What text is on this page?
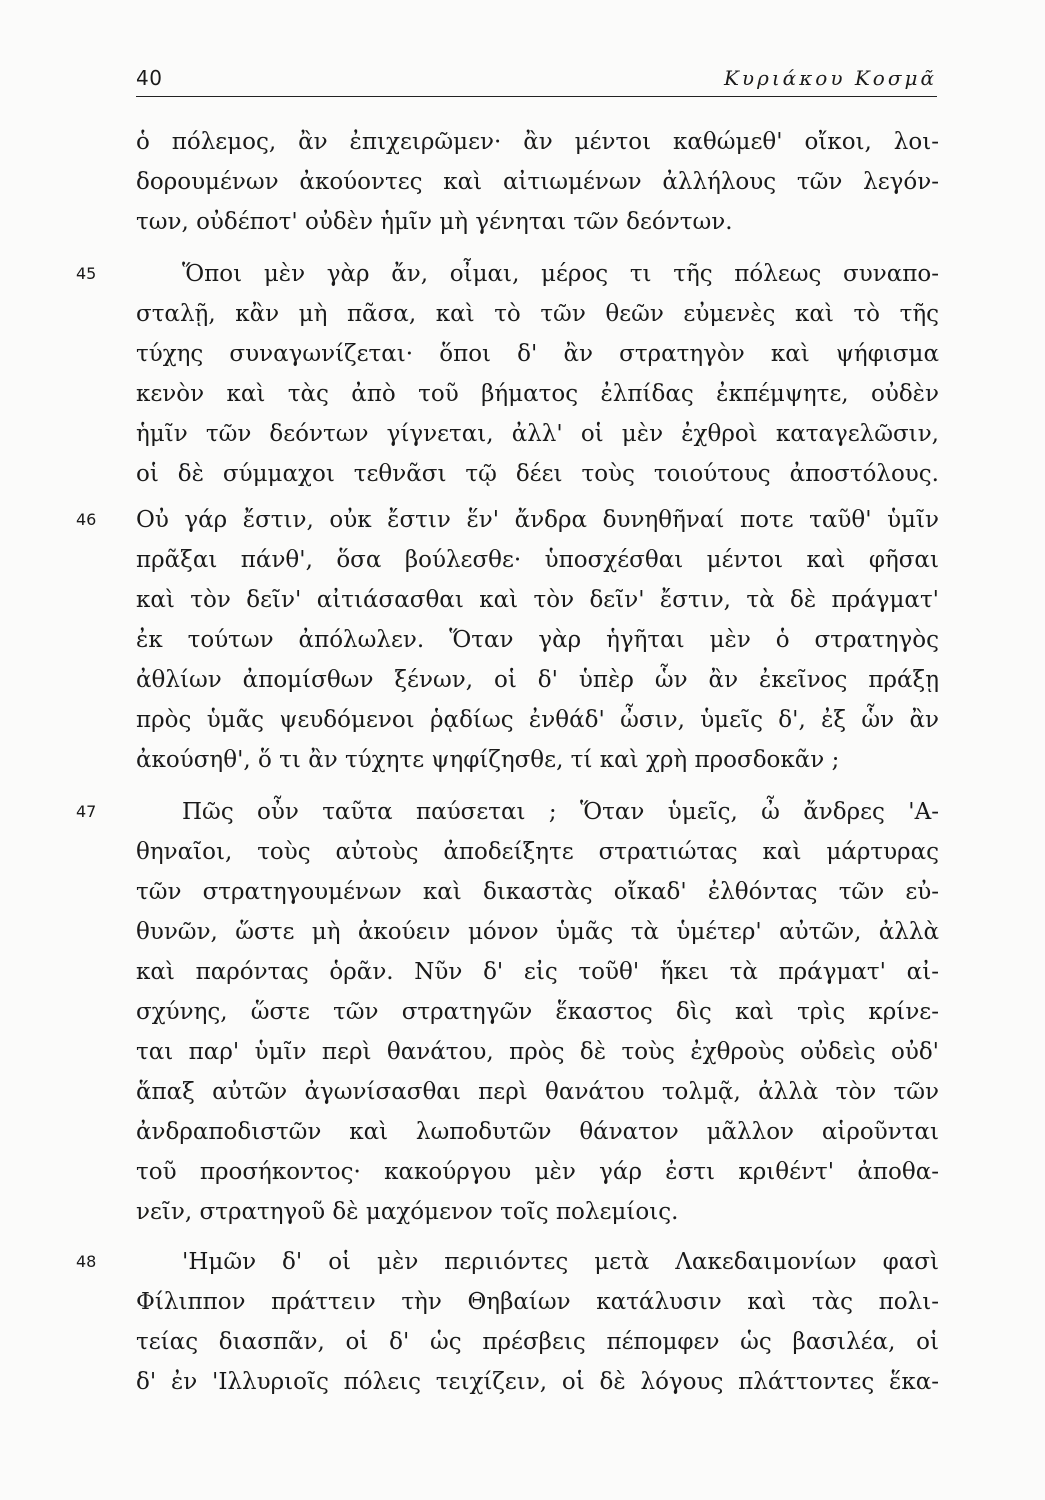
40	Κυριάκου Κοσμᾶ
ὁ πόλεμος, ἂν ἐπιχειρῶμεν· ἂν μέντοι καθώμεθ' οἴκοι, λοι-
δορουμένων ἀκούοντες καὶ αἰτιωμένων ἀλλήλους τῶν λεγόν-
των, οὐδέποτ' οὐδὲν ἡμῖν μὴ γένηται τῶν δεόντων.
45	Ὅποι μὲν γὰρ ἄν, οἶμαι, μέρος τι τῆς πόλεως συναπο-
σταλῇ, κἂν μὴ πᾶσα, καὶ τὸ τῶν θεῶν εὐμενὲς καὶ τὸ τῆς
τύχης συναγωνίζεται· ὅποι δ' ἂν στρατηγὸν καὶ ψήφισμα
κενὸν καὶ τὰς ἀπὸ τοῦ βήματος ἐλπίδας ἐκπέμψητε, οὐδὲν
ἡμῖν τῶν δεόντων γίγνεται, ἀλλ' οἱ μὲν ἐχθροὶ καταγελῶσιν,
οἱ δὲ σύμμαχοι τεθνᾶσι τῷ δέει τοὺς τοιούτους ἀποστόλους.
46 Οὐ γάρ ἔστιν, οὐκ ἔστιν ἕν' ἄνδρα δυνηθῆναί ποτε ταῦθ' ὑμῖν
πρᾶξαι πάνθ', ὅσα βούλεσθε· ὑποσχέσθαι μέντοι καὶ φῆσαι
καὶ τὸν δεῖν' αἰτιάσασθαι καὶ τὸν δεῖν' ἔστιν, τὰ δὲ πράγματ'
ἐκ τούτων ἀπόλωλεν. Ὅταν γὰρ ἡγῆται μὲν ὁ στρατηγὸς
ἀθλίων ἀπομίσθων ξένων, οἱ δ' ὑπὲρ ὧν ἂν ἐκεῖνος πράξῃ
πρὸς ὑμᾶς ψευδόμενοι ῥᾳδίως ἐνθάδ' ὦσιν, ὑμεῖς δ', ἐξ ὧν ἂν
ἀκούσηθ', ὅ τι ἂν τύχητε ψηφίζησθε, τί καὶ χρὴ προσδοκᾶν ;
47	Πῶς οὖν ταῦτα παύσεται ; Ὅταν ὑμεῖς, ὦ ἄνδρες 'Α-
θηναῖοι, τοὺς αὐτοὺς ἀποδείξητε στρατιώτας καὶ μάρτυρας
τῶν στρατηγουμένων καὶ δικαστὰς οἴκαδ' ἐλθόντας τῶν εὐ-
θυνῶν, ὥστε μὴ ἀκούειν μόνον ὑμᾶς τὰ ὑμέτερ' αὐτῶν, ἀλλὰ
καὶ παρόντας ὁρᾶν. Νῦν δ' εἰς τοῦθ' ἥκει τὰ πράγματ' αἰ-
σχύνης, ὥστε τῶν στρατηγῶν ἕκαστος δὶς καὶ τρὶς κρίνε-
ται παρ' ὑμῖν περὶ θανάτου, πρὸς δὲ τοὺς ἐχθροὺς οὐδεὶς οὐδ'
ἅπαξ αὐτῶν ἀγωνίσασθαι περὶ θανάτου τολμᾷ, ἀλλὰ τὸν τῶν
ἀνδραποδιστῶν καὶ λωποδυτῶν θάνατον μᾶλλον αἱροῦνται
τοῦ προσήκοντος· κακούργου μὲν γάρ ἐστι κριθέντ' ἀποθα-
νεῖν, στρατηγοῦ δὲ μαχόμενον τοῖς πολεμίοις.
48	'Ημῶν δ' οἱ μὲν περιιόντες μετὰ Λακεδαιμονίων φασὶ
Φίλιππον πράττειν τὴν Θηβαίων κατάλυσιν καὶ τὰς πολι-
τείας διασπᾶν, οἱ δ' ὡς πρέσβεις πέπομφεν ὡς βασιλέα, οἱ
δ' ἐν 'Ιλλυριοῖς πόλεις τειχίζειν, οἱ δὲ λόγους πλάττοντες ἕκα-
